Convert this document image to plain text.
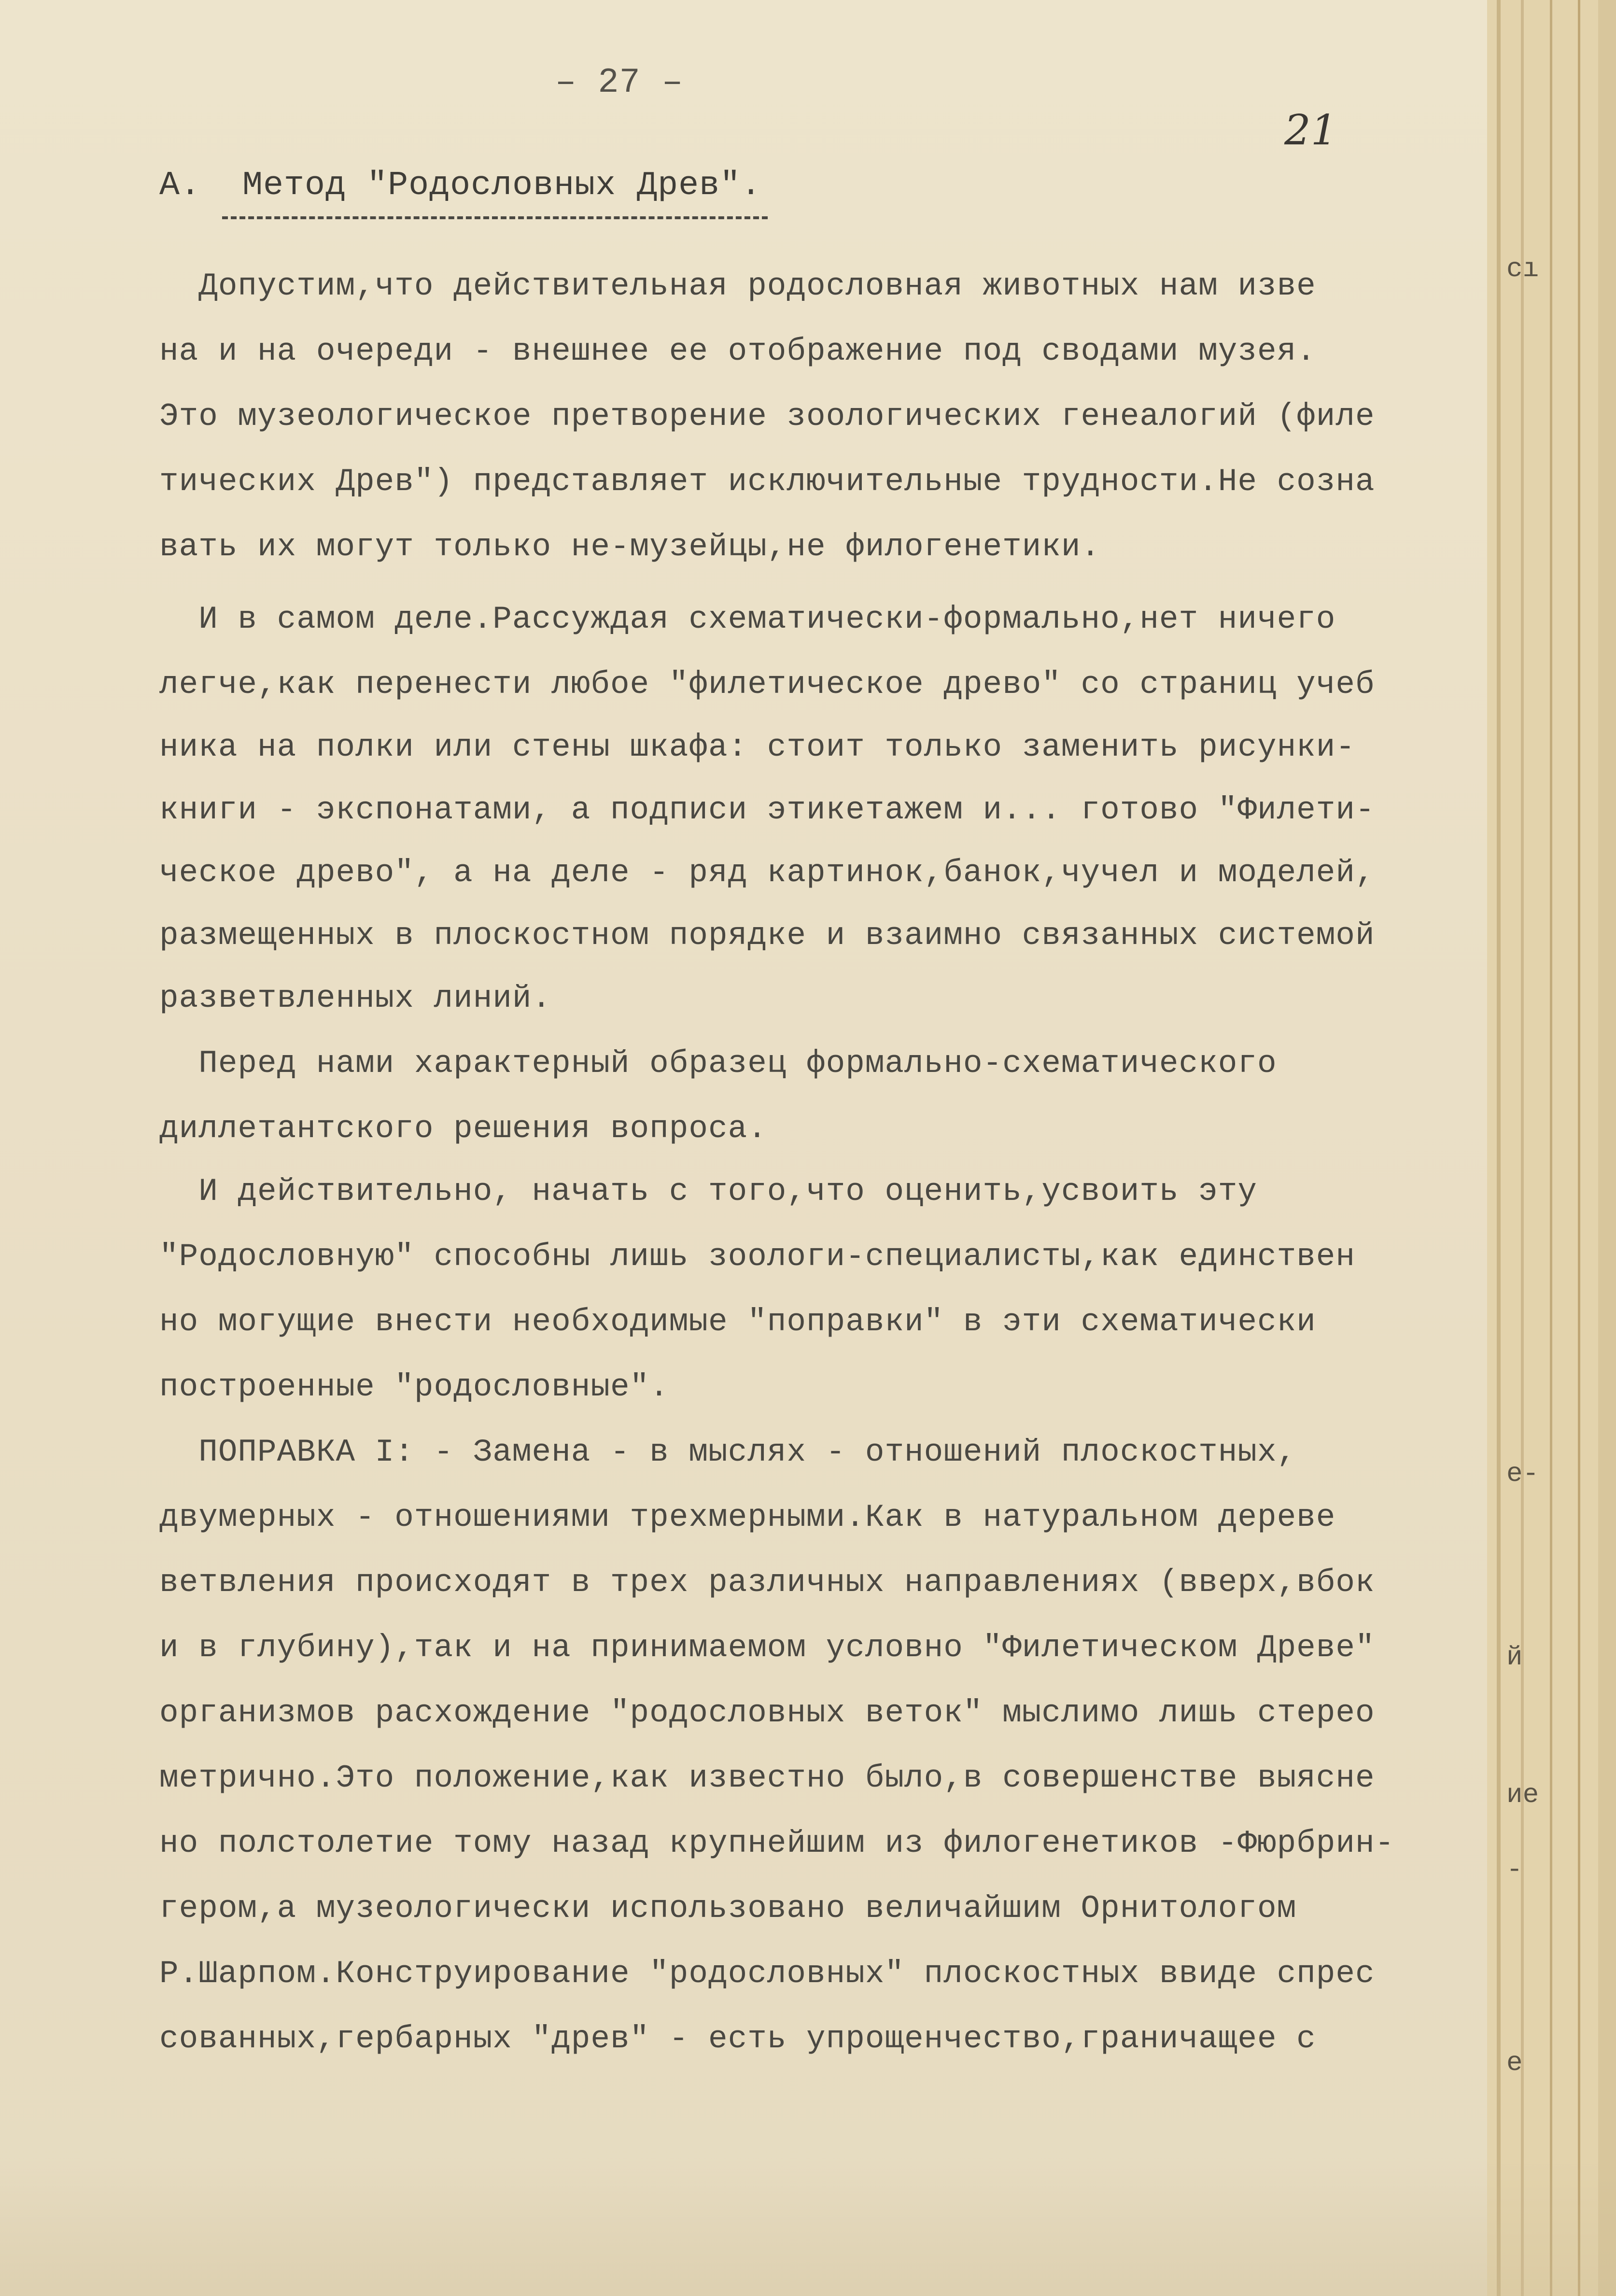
сı
е-
й
ие
-
е
– 27 –
21
А.  Метод "Родословных Древ".
Допустим,что действительная родословная животных нам изве
на и на очереди - внешнее ее отображение под сводами музея.
Это музеологическое претворение зоологических генеалогий (филе
тических Древ") представляет исключительные трудности.Не созна
вать их могут только не-музейцы,не филогенетики.
И в самом деле.Рассуждая схематически-формально,нет ничего
легче,как перенести любое "филетическое древо" со страниц учеб
ника на полки или стены шкафа: стоит только заменить рисунки-
книги - экспонатами, а подписи этикетажем и... готово "Филети-
ческое древо", а на деле - ряд картинок,банок,чучел и моделей,
размещенных в плоскостном порядке и взаимно связанных системой
разветвленных линий.
Перед нами характерный образец формально-схематического
диллетантского решения вопроса.
И действительно, начать с того,что оценить,усвоить эту
"Родословную" способны лишь зоологи-специалисты,как единствен
но могущие внести необходимые "поправки" в эти схематически
построенные "родословные".
ПОПРАВКА I: - Замена - в мыслях - отношений плоскостных,
двумерных - отношениями трехмерными.Как в натуральном дереве
ветвления происходят в трех различных направлениях (вверх,вбок
и в глубину),так и на принимаемом условно "Филетическом Древе"
организмов расхождение "родословных веток" мыслимо лишь стерео
метрично.Это положение,как известно было,в совершенстве выясне
но полстолетие тому назад крупнейшим из филогенетиков -Фюрбрин-
гером,а музеологически использовано величайшим Орнитологом
Р.Шарпом.Конструирование "родословных" плоскостных ввиде спрес
сованных,гербарных "древ" - есть упрощенчество,граничащее с
